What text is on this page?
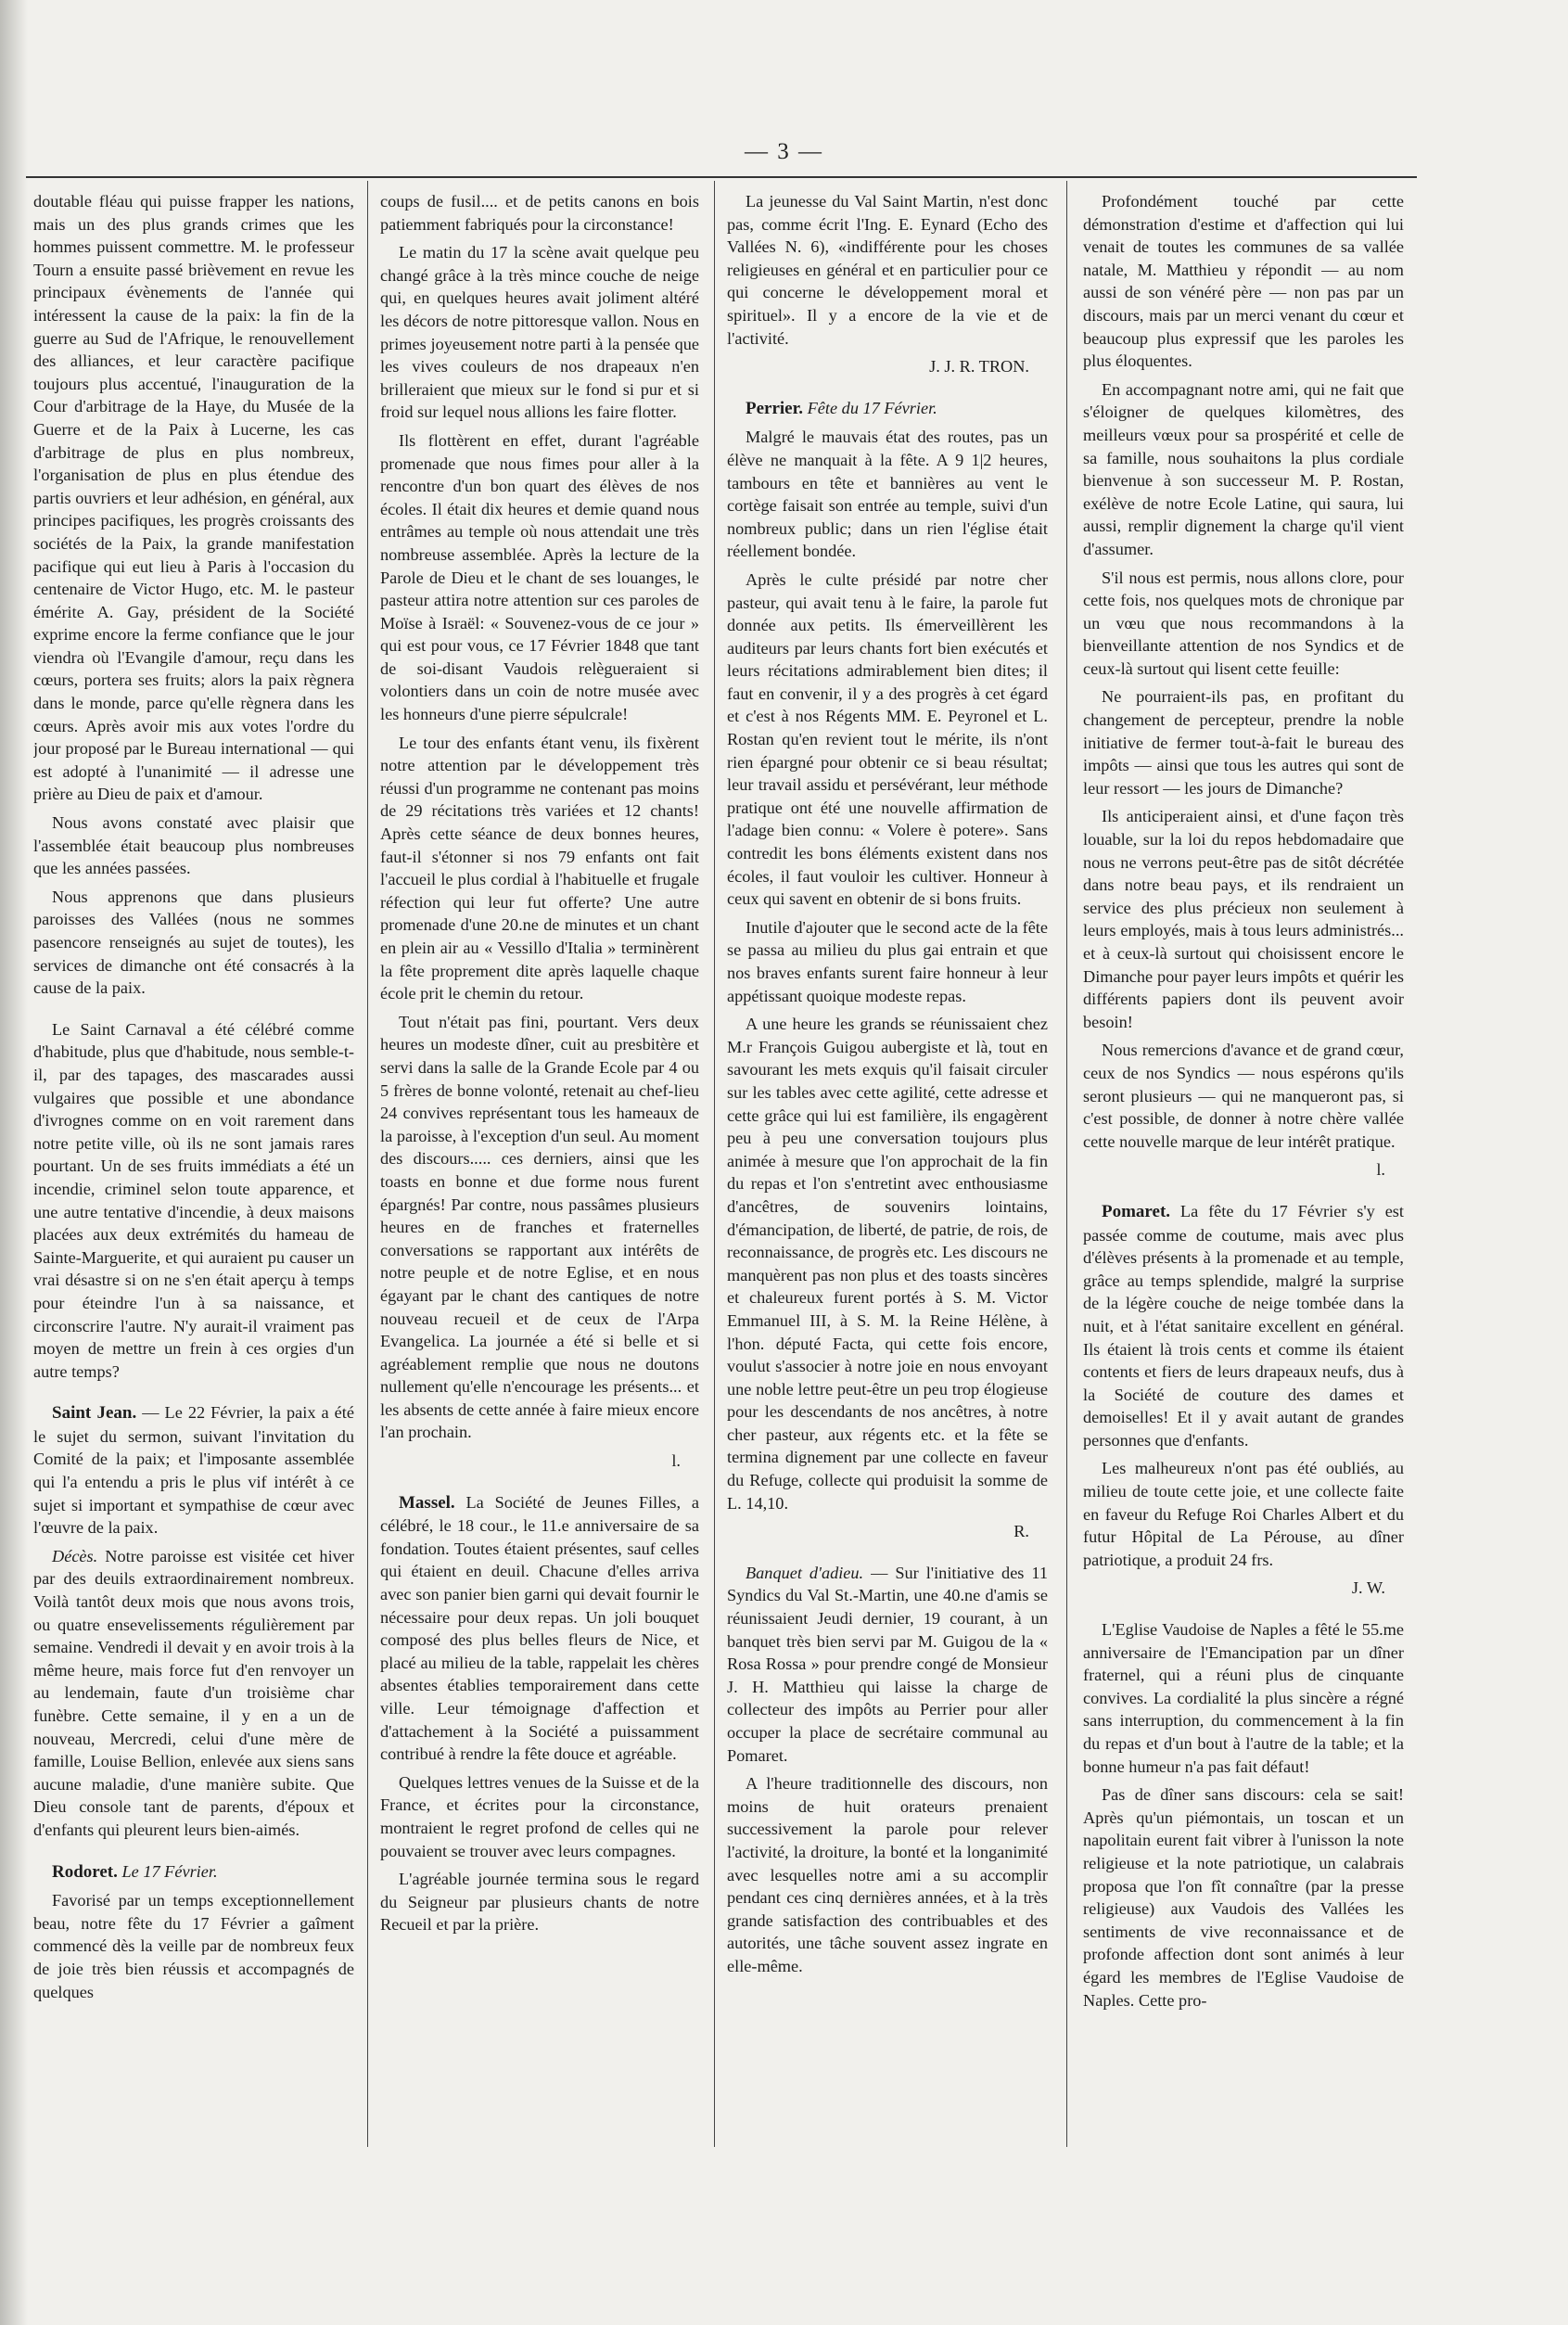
— 3 —

doutable fléau qui puisse frapper les nations, mais un des plus grands crimes que les hommes puissent commettre. M. le professeur Tourn a ensuite passé brièvement en revue les principaux évènements de l'année qui intéressent la cause de la paix: la fin de la guerre au Sud de l'Afrique, le renouvellement des alliances, et leur caractère pacifique toujours plus accentué, l'inauguration de la Cour d'arbitrage de la Haye, du Musée de la Guerre et de la Paix à Lucerne, les cas d'arbitrage de plus en plus nombreux, l'organisation de plus en plus étendue des partis ouvriers et leur adhésion, en général, aux principes pacifiques, les progrès croissants des sociétés de la Paix, la grande manifestation pacifique qui eut lieu à Paris à l'occasion du centenaire de Victor Hugo, etc. M. le pasteur émérite A. Gay, président de la Société exprime encore la ferme confiance que le jour viendra où l'Evangile d'amour, reçu dans les cœurs, portera ses fruits; alors la paix règnera dans le monde, parce qu'elle règnera dans les cœurs. Après avoir mis aux votes l'ordre du jour proposé par le Bureau international — qui est adopté à l'unanimité — il adresse une prière au Dieu de paix et d'amour.

Nous avons constaté avec plaisir que l'assemblée était beaucoup plus nombreuses que les années passées.

Nous apprenons que dans plusieurs paroisses des Vallées (nous ne sommes pasencore renseignés au sujet de toutes), les services de dimanche ont été consacrés à la cause de la paix.

Le Saint Carnaval a été célébré comme d'habitude, plus que d'habitude, nous semble-t-il, par des tapages, des mascarades aussi vulgaires que possible et une abondance d'ivrognes comme on en voit rarement dans notre petite ville, où ils ne sont jamais rares pourtant. Un de ses fruits immédiats a été un incendie, criminel selon toute apparence, et une autre tentative d'incendie, à deux maisons placées aux deux extrémités du hameau de Sainte-Marguerite, et qui auraient pu causer un vrai désastre si on ne s'en était aperçu à temps pour éteindre l'un à sa naissance, et circonscrire l'autre. N'y aurait-il vraiment pas moyen de mettre un frein à ces orgies d'un autre temps?

Saint Jean. — Le 22 Février, la paix a été le sujet du sermon, suivant l'invitation du Comité de la paix; et l'imposante assemblée qui l'a entendu a pris le plus vif intérêt à ce sujet si important et sympathise de cœur avec l'œuvre de la paix.

Décès. Notre paroisse est visitée cet hiver par des deuils extraordinairement nombreux. Voilà tantôt deux mois que nous avons trois, ou quatre ensevelissements régulièrement par semaine. Vendredi il devait y en avoir trois à la même heure, mais force fut d'en renvoyer un au lendemain, faute d'un troisième char funèbre. Cette semaine, il y en a un de nouveau, Mercredi, celui d'une mère de famille, Louise Bellion, enlevée aux siens sans aucune maladie, d'une manière subite. Que Dieu console tant de parents, d'époux et d'enfants qui pleurent leurs bien-aimés.

Rodoret. Le 17 Février.

Favorisé par un temps exceptionnellement beau, notre fête du 17 Février a gaîment commencé dès la veille par de nombreux feux de joie très bien réussis et accompagnés de quelques

coups de fusil.... et de petits canons en bois patiemment fabriqués pour la circonstance!

Le matin du 17 la scène avait quelque peu changé grâce à la très mince couche de neige qui, en quelques heures avait joliment altéré les décors de notre pittoresque vallon. Nous en primes joyeusement notre parti à la pensée que les vives couleurs de nos drapeaux n'en brilleraient que mieux sur le fond si pur et si froid sur lequel nous allions les faire flotter.

Ils flottèrent en effet, durant l'agréable promenade que nous fimes pour aller à la rencontre d'un bon quart des élèves de nos écoles. Il était dix heures et demie quand nous entrâmes au temple où nous attendait une très nombreuse assemblée. Après la lecture de la Parole de Dieu et le chant de ses louanges, le pasteur attira notre attention sur ces paroles de Moïse à Israël: « Souvenez-vous de ce jour » qui est pour vous, ce 17 Février 1848 que tant de soi-disant Vaudois relègueraient si volontiers dans un coin de notre musée avec les honneurs d'une pierre sépulcrale!

Le tour des enfants étant venu, ils fixèrent notre attention par le développement très réussi d'un programme ne contenant pas moins de 29 récitations très variées et 12 chants! Après cette séance de deux bonnes heures, faut-il s'étonner si nos 79 enfants ont fait l'accueil le plus cordial à l'habituelle et frugale réfection qui leur fut offerte? Une autre promenade d'une 20.ne de minutes et un chant en plein air au « Vessillo d'Italia » terminèrent la fête proprement dite après laquelle chaque école prit le chemin du retour.

Tout n'était pas fini, pourtant. Vers deux heures un modeste dîner, cuit au presbitère et servi dans la salle de la Grande Ecole par 4 ou 5 frères de bonne volonté, retenait au chef-lieu 24 convives représentant tous les hameaux de la paroisse, à l'exception d'un seul. Au moment des discours..... ces derniers, ainsi que les toasts en bonne et due forme nous furent épargnés! Par contre, nous passâmes plusieurs heures en de franches et fraternelles conversations se rapportant aux intérêts de notre peuple et de notre Eglise, et en nous égayant par le chant des cantiques de notre nouveau recueil et de ceux de l'Arpa Evangelica. La journée a été si belle et si agréablement remplie que nous ne doutons nullement qu'elle n'encourage les présents... et les absents de cette année à faire mieux encore l'an prochain.

l.

Massel. La Société de Jeunes Filles, a célébré, le 18 cour., le 11.e anniversaire de sa fondation. Toutes étaient présentes, sauf celles qui étaient en deuil. Chacune d'elles arriva avec son panier bien garni qui devait fournir le nécessaire pour deux repas. Un joli bouquet composé des plus belles fleurs de Nice, et placé au milieu de la table, rappelait les chères absentes établies temporairement dans cette ville. Leur témoignage d'affection et d'attachement à la Société a puissamment contribué à rendre la fête douce et agréable.

Quelques lettres venues de la Suisse et de la France, et écrites pour la circonstance, montraient le regret profond de celles qui ne pouvaient se trouver avec leurs compagnes.

L'agréable journée termina sous le regard du Seigneur par plusieurs chants de notre Recueil et par la prière.

La jeunesse du Val Saint Martin, n'est donc pas, comme écrit l'Ing. E. Eynard (Echo des Vallées N. 6), «indifférente pour les choses religieuses en général et en particulier pour ce qui concerne le développement moral et spirituel». Il y a encore de la vie et de l'activité.

J. J. R. TRON.

Perrier. Fête du 17 Février.

Malgré le mauvais état des routes, pas un élève ne manquait à la fête. A 9 1|2 heures, tambours en tête et bannières au vent le cortège faisait son entrée au temple, suivi d'un nombreux public; dans un rien l'église était réellement bondée.

Après le culte présidé par notre cher pasteur, qui avait tenu à le faire, la parole fut donnée aux petits. Ils émerveillèrent les auditeurs par leurs chants fort bien exécutés et leurs récitations admirablement bien dites; il faut en convenir, il y a des progrès à cet égard et c'est à nos Régents MM. E. Peyronel et L. Rostan qu'en revient tout le mérite, ils n'ont rien épargné pour obtenir ce si beau résultat; leur travail assidu et persévérant, leur méthode pratique ont été une nouvelle affirmation de l'adage bien connu: « Volere è potere». Sans contredit les bons éléments existent dans nos écoles, il faut vouloir les cultiver. Honneur à ceux qui savent en obtenir de si bons fruits.

Inutile d'ajouter que le second acte de la fête se passa au milieu du plus gai entrain et que nos braves enfants surent faire honneur à leur appétissant quoique modeste repas.

A une heure les grands se réunissaient chez M.r François Guigou aubergiste et là, tout en savourant les mets exquis qu'il faisait circuler sur les tables avec cette agilité, cette adresse et cette grâce qui lui est familière, ils engagèrent peu à peu une conversation toujours plus animée à mesure que l'on approchait de la fin du repas et l'on s'entretint avec enthousiasme d'ancêtres, de souvenirs lointains, d'émancipation, de liberté, de patrie, de rois, de reconnaissance, de progrès etc. Les discours ne manquèrent pas non plus et des toasts sincères et chaleureux furent portés à S. M. Victor Emmanuel III, à S. M. la Reine Hélène, à l'hon. député Facta, qui cette fois encore, voulut s'associer à notre joie en nous envoyant une noble lettre peut-être un peu trop élogieuse pour les descendants de nos ancêtres, à notre cher pasteur, aux régents etc. et la fête se termina dignement par une collecte en faveur du Refuge, collecte qui produisit la somme de L. 14,10.

R.

Banquet d'adieu. — Sur l'initiative des 11 Syndics du Val St.-Martin, une 40.ne d'amis se réunissaient Jeudi dernier, 19 courant, à un banquet très bien servi par M. Guigou de la « Rosa Rossa » pour prendre congé de Monsieur J. H. Matthieu qui laisse la charge de collecteur des impôts au Perrier pour aller occuper la place de secrétaire communal au Pomaret.

A l'heure traditionnelle des discours, non moins de huit orateurs prenaient successivement la parole pour relever l'activité, la droiture, la bonté et la longanimité avec lesquelles notre ami a su accomplir pendant ces cinq dernières années, et à la très grande satisfaction des contribuables et des autorités, une tâche souvent assez ingrate en elle-même.

Profondément touché par cette démonstration d'estime et d'affection qui lui venait de toutes les communes de sa vallée natale, M. Matthieu y répondit — au nom aussi de son vénéré père — non pas par un discours, mais par un merci venant du cœur et beaucoup plus expressif que les paroles les plus éloquentes.

En accompagnant notre ami, qui ne fait que s'éloigner de quelques kilomètres, des meilleurs vœux pour sa prospérité et celle de sa famille, nous souhaitons la plus cordiale bienvenue à son successeur M. P. Rostan, exélève de notre Ecole Latine, qui saura, lui aussi, remplir dignement la charge qu'il vient d'assumer.

S'il nous est permis, nous allons clore, pour cette fois, nos quelques mots de chronique par un vœu que nous recommandons à la bienveillante attention de nos Syndics et de ceux-là surtout qui lisent cette feuille:

Ne pourraient-ils pas, en profitant du changement de percepteur, prendre la noble initiative de fermer tout-à-fait le bureau des impôts — ainsi que tous les autres qui sont de leur ressort — les jours de Dimanche?

Ils anticiperaient ainsi, et d'une façon très louable, sur la loi du repos hebdomadaire que nous ne verrons peut-être pas de sitôt décrétée dans notre beau pays, et ils rendraient un service des plus précieux non seulement à leurs employés, mais à tous leurs administrés... et à ceux-là surtout qui choisissent encore le Dimanche pour payer leurs impôts et quérir les différents papiers dont ils peuvent avoir besoin!

Nous remercions d'avance et de grand cœur, ceux de nos Syndics — nous espérons qu'ils seront plusieurs — qui ne manqueront pas, si c'est possible, de donner à notre chère vallée cette nouvelle marque de leur intérêt pratique.

l.

Pomaret. La fête du 17 Février s'y est passée comme de coutume, mais avec plus d'élèves présents à la promenade et au temple, grâce au temps splendide, malgré la surprise de la légère couche de neige tombée dans la nuit, et à l'état sanitaire excellent en général. Ils étaient là trois cents et comme ils étaient contents et fiers de leurs drapeaux neufs, dus à la Société de couture des dames et demoiselles! Et il y avait autant de grandes personnes que d'enfants.

Les malheureux n'ont pas été oubliés, au milieu de toute cette joie, et une collecte faite en faveur du Refuge Roi Charles Albert et du futur Hôpital de La Pérouse, au dîner patriotique, a produit 24 frs.

J. W.

L'Eglise Vaudoise de Naples a fêté le 55.me anniversaire de l'Emancipation par un dîner fraternel, qui a réuni plus de cinquante convives. La cordialité la plus sincère a régné sans interruption, du commencement à la fin du repas et d'un bout à l'autre de la table; et la bonne humeur n'a pas fait défaut!

Pas de dîner sans discours: cela se sait! Après qu'un piémontais, un toscan et un napolitain eurent fait vibrer à l'unisson la note religieuse et la note patriotique, un calabrais proposa que l'on fît connaître (par la presse religieuse) aux Vaudois des Vallées les sentiments de vive reconnaissance et de profonde affection dont sont animés à leur égard les membres de l'Eglise Vaudoise de Naples. Cette pro-
